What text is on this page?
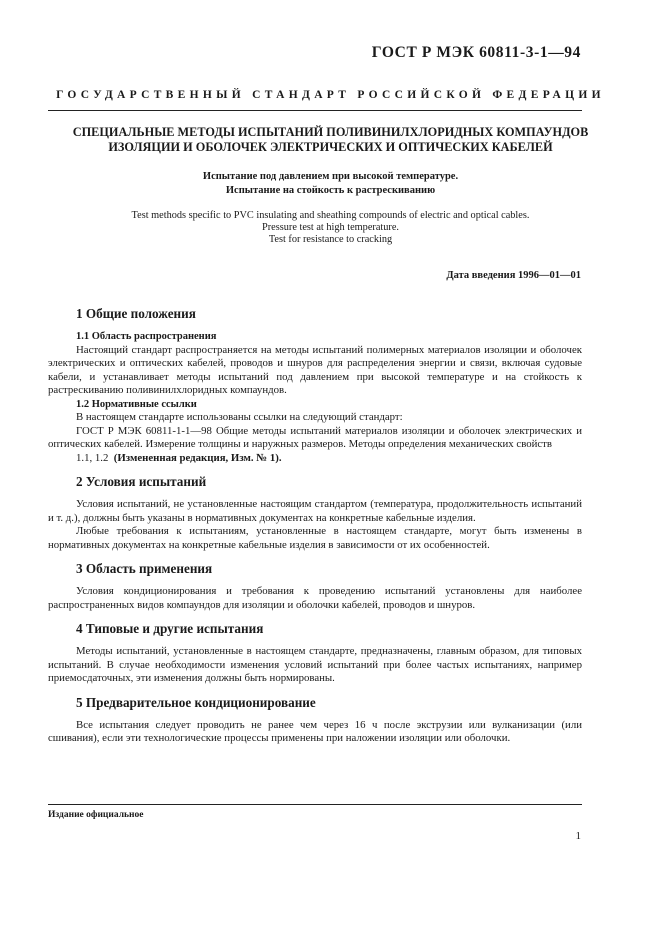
ГОСТ Р МЭК 60811-3-1—94
ГОСУДАРСТВЕННЫЙ СТАНДАРТ РОССИЙСКОЙ ФЕДЕРАЦИИ
СПЕЦИАЛЬНЫЕ МЕТОДЫ ИСПЫТАНИЙ ПОЛИВИНИЛХЛОРИДНЫХ КОМПАУНДОВ
ИЗОЛЯЦИИ И ОБОЛОЧЕК ЭЛЕКТРИЧЕСКИХ И ОПТИЧЕСКИХ КАБЕЛЕЙ
Испытание под давлением при высокой температуре.
Испытание на стойкость к растрескиванию
Test methods specific to PVC insulating and sheathing compounds of electric and optical cables.
Pressure test at high temperature.
Test for resistance to cracking
Дата введения 1996—01—01
1 Общие положения
1.1 Область распространения

Настоящий стандарт распространяется на методы испытаний полимерных материалов изоляции и оболочек электрических и оптических кабелей, проводов и шнуров для распределения энергии и связи, включая судовые кабели, и устанавливает методы испытаний под давлением при высокой температуре и на стойкость к растрескиванию поливинилхлоридных компаундов.

1.2 Нормативные ссылки

В настоящем стандарте использованы ссылки на следующий стандарт:

ГОСТ Р МЭК 60811-1-1—98 Общие методы испытаний материалов изоляции и оболочек электрических и оптических кабелей. Измерение толщины и наружных размеров. Методы определения механических свойств

1.1, 1.2 (Измененная редакция, Изм. № 1).

2 Условия испытаний

Условия испытаний, не установленные настоящим стандартом (температура, продолжительность испытаний и т. д.), должны быть указаны в нормативных документах на конкретные кабельные изделия.

Любые требования к испытаниям, установленные в настоящем стандарте, могут быть изменены в нормативных документах на конкретные кабельные изделия в зависимости от их особенностей.

3 Область применения

Условия кондиционирования и требования к проведению испытаний установлены для наиболее распространенных видов компаундов для изоляции и оболочки кабелей, проводов и шнуров.

4 Типовые и другие испытания

Методы испытаний, установленные в настоящем стандарте, предназначены, главным образом, для типовых испытаний. В случае необходимости изменения условий испытаний при более частых испытаниях, например приемосдаточных, эти изменения должны быть нормированы.

5 Предварительное кондиционирование

Все испытания следует проводить не ранее чем через 16 ч после экструзии или вулканизации (или сшивания), если эти технологические процессы применены при наложении изоляции или оболочки.

Издание официальное
1
